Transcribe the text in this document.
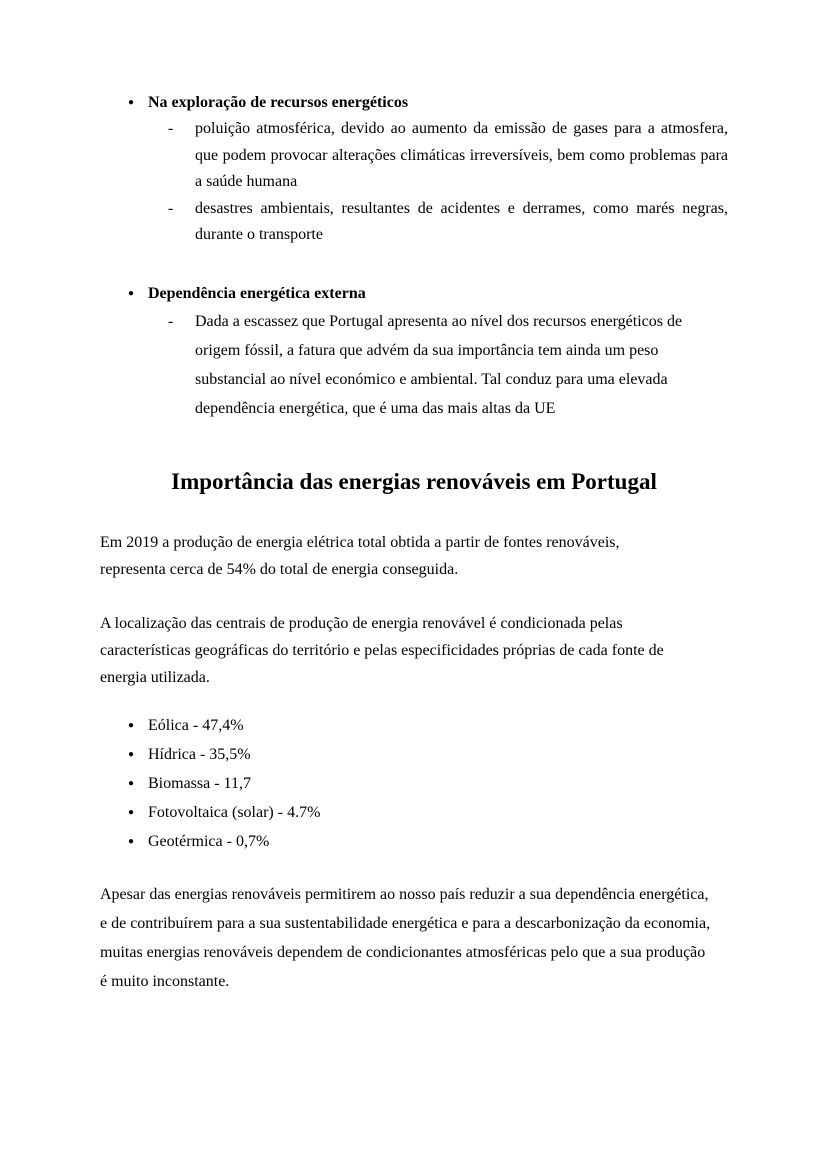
● Na exploração de recursos energéticos
- poluição atmosférica, devido ao aumento da emissão de gases para a atmosfera, que podem provocar alterações climáticas irreversíveis, bem como problemas para a saúde humana
- desastres ambientais, resultantes de acidentes e derrames, como marés negras, durante o transporte
● Dependência energética externa
- Dada a escassez que Portugal apresenta ao nível dos recursos energéticos de origem fóssil, a fatura que advém da sua importância tem ainda um peso substancial ao nível económico e ambiental. Tal conduz para uma elevada dependência energética, que é uma das mais altas da UE
Importância das energias renováveis em Portugal

Em 2019 a produção de energia elétrica total obtida a partir de fontes renováveis, representa cerca de 54% do total de energia conseguida.

A localização das centrais de produção de energia renovável é condicionada pelas características geográficas do território e pelas especificidades próprias de cada fonte de energia utilizada.

● Eólica - 47,4%
● Hídrica - 35,5%
● Biomassa - 11,7
● Fotovoltaica (solar) - 4.7%
● Geotérmica - 0,7%

Apesar das energias renováveis permitirem ao nosso país reduzir a sua dependência energética, e de contribuírem para a sua sustentabilidade energética e para a descarbonização da economia, muitas energias renováveis dependem de condicionantes atmosféricas pelo que a sua produção é muito inconstante.
